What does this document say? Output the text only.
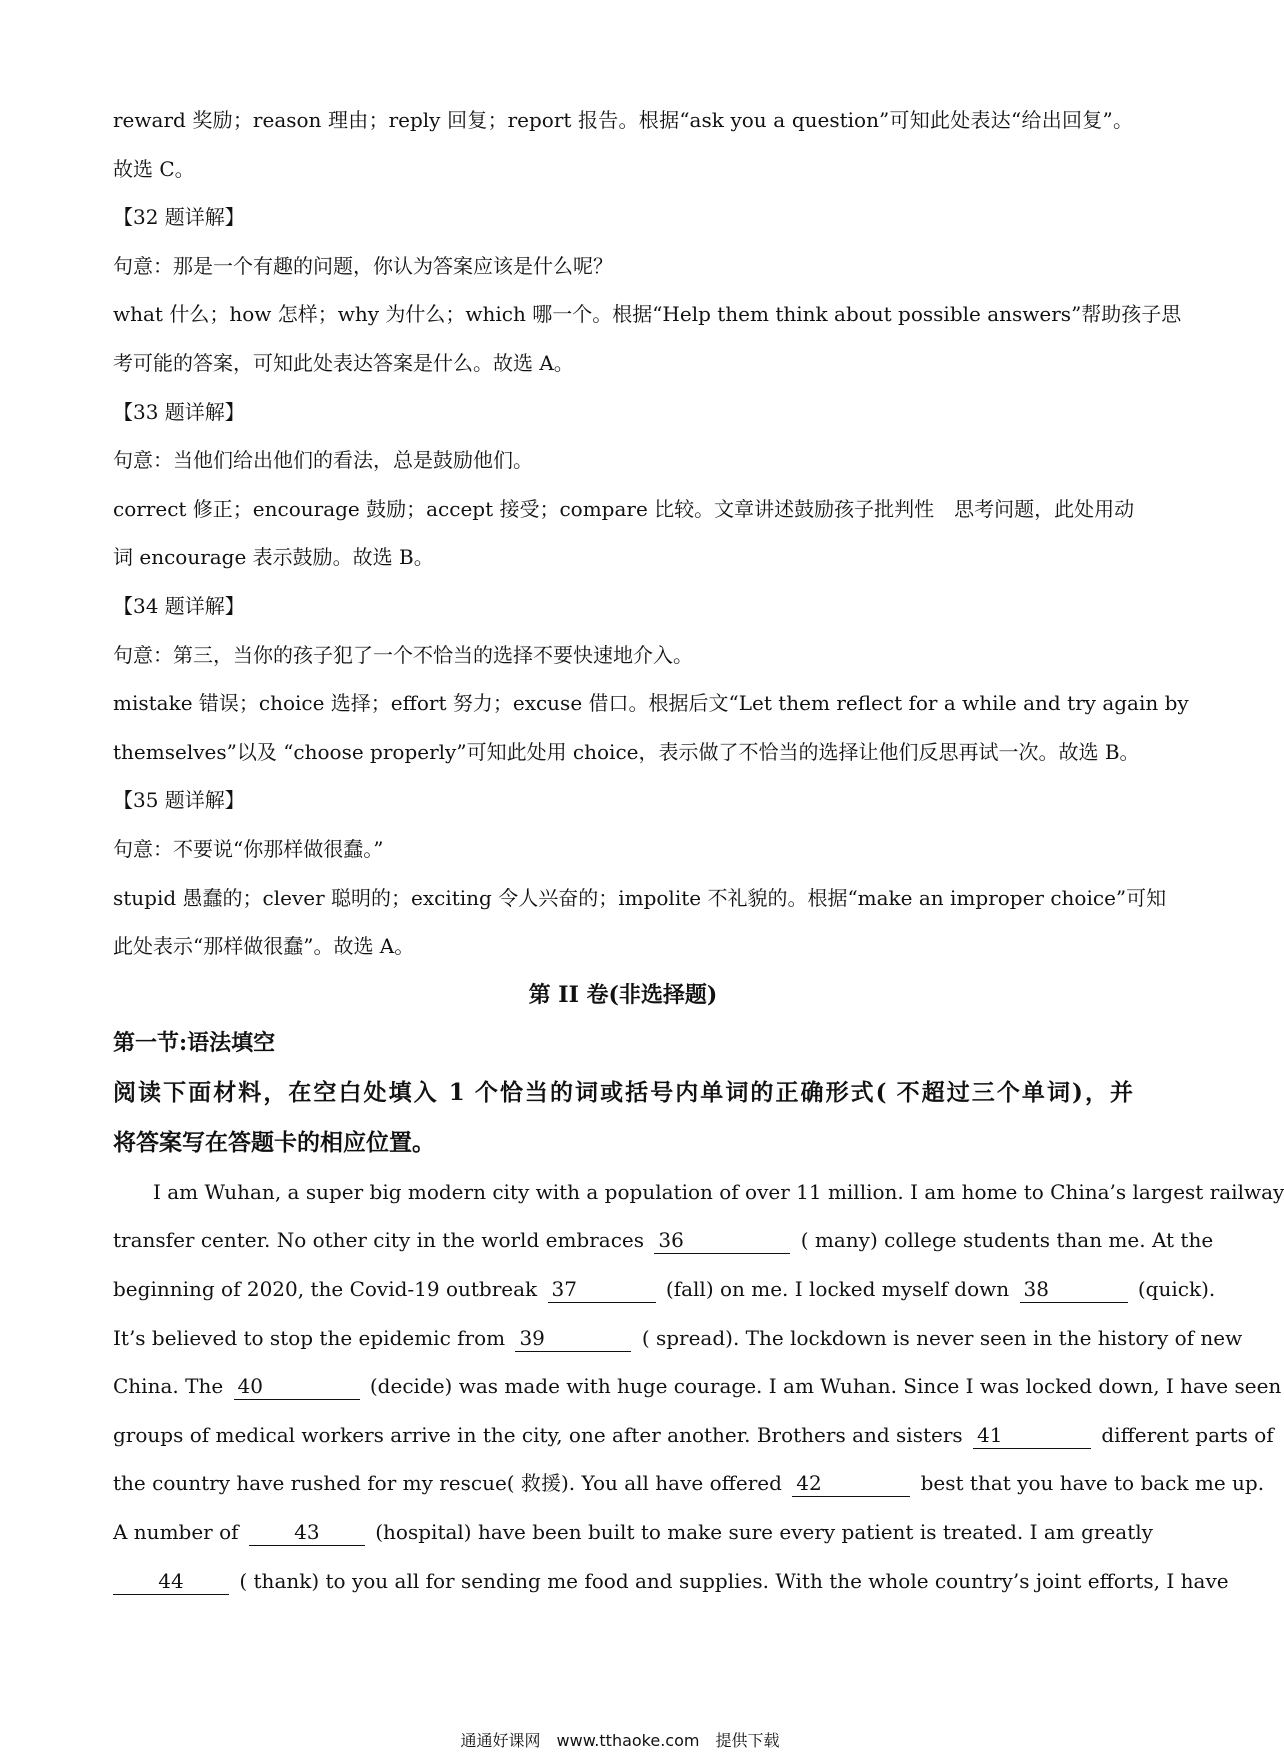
reward 奖励；reason 理由；reply 回复；report 报告。根据“ask you a question”可知此处表达“给出回复”。
故选 C。
【32 题详解】
句意：那是一个有趣的问题，你认为答案应该是什么呢？
what 什么；how 怎样；why 为什么；which 哪一个。根据“Help them think about possible answers”帮助孩子思
考可能的答案，可知此处表达答案是什么。故选 A。
【33 题详解】
句意：当他们给出他们的看法，总是鼓励他们。
correct 修正；encourage 鼓励；accept 接受；compare 比较。文章讲述鼓励孩子批判性　思考问题，此处用动
词 encourage 表示鼓励。故选 B。
【34 题详解】
句意：第三，当你的孩子犯了一个不恰当的选择不要快速地介入。
mistake 错误；choice 选择；effort 努力；excuse 借口。根据后文“Let them reflect for a while and try again by
themselves”以及 “choose properly”可知此处用 choice，表示做了不恰当的选择让他们反思再试一次。故选 B。
【35 题详解】
句意：不要说“你那样做很蠢。”
stupid 愚蠢的；clever 聪明的；exciting 令人兴奋的；impolite 不礼貌的。根据“make an improper choice”可知
此处表示“那样做很蠢”。故选 A。
第 II 卷(非选择题)
第一节:语法填空
阅读下面材料，在空白处填入 1 个恰当的词或括号内单词的正确形式( 不超过三个单词)，并
将答案写在答题卡的相应位置。
I am Wuhan, a super big modern city with a population of over 11 million. I am home to China’s largest railway
transfer center. No other city in the world embraces 36	( many) college students than me. At the
beginning of 2020, the Covid-19 outbreak 37	(fall) on me. I locked myself down 38	(quick).
It’s believed to stop the epidemic from 39	( spread). The lockdown is never seen in the history of new
China. The 40	(decide) was made with huge courage. I am Wuhan. Since I was locked down, I have seen
groups of medical workers arrive in the city, one after another. Brothers and sisters 41	different parts of
the country have rushed for my rescue( 救援). You all have offered 42	best that you have to back me up.
A number of	43	(hospital) have been built to make sure every patient is treated. I am greatly
44	( thank) to you all for sending me food and supplies. With the whole country’s joint efforts, I have
通通好课网　www.tthaoke.com　提供下载
